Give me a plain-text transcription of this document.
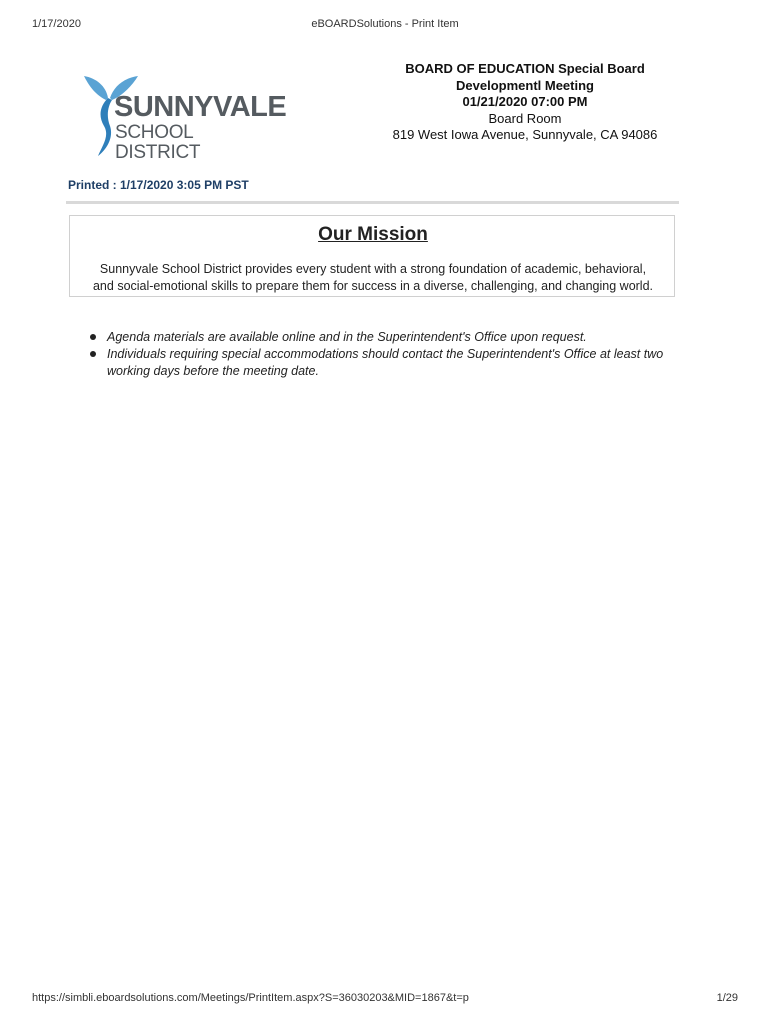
1/17/2020	eBOARDSolutions - Print Item
SUNNYVALE
SCHOOL DISTRICT
BOARD OF EDUCATION Special Board
Developmentl Meeting
01/21/2020 07:00 PM
Board Room
819 West Iowa Avenue, Sunnyvale, CA 94086
Printed : 1/17/2020 3:05 PM PST
Our Mission
Sunnyvale School District provides every student with a strong foundation of academic, behavioral,
and social-emotional skills to prepare them for success in a diverse, challenging, and changing world.
Agenda materials are available online and in the Superintendent's Office upon request.
Individuals requiring special accommodations should contact the Superintendent's Office at least two working days before the meeting date.
https://simbli.eboardsolutions.com/Meetings/PrintItem.aspx?S=36030203&MID=1867&t=p	1/29
